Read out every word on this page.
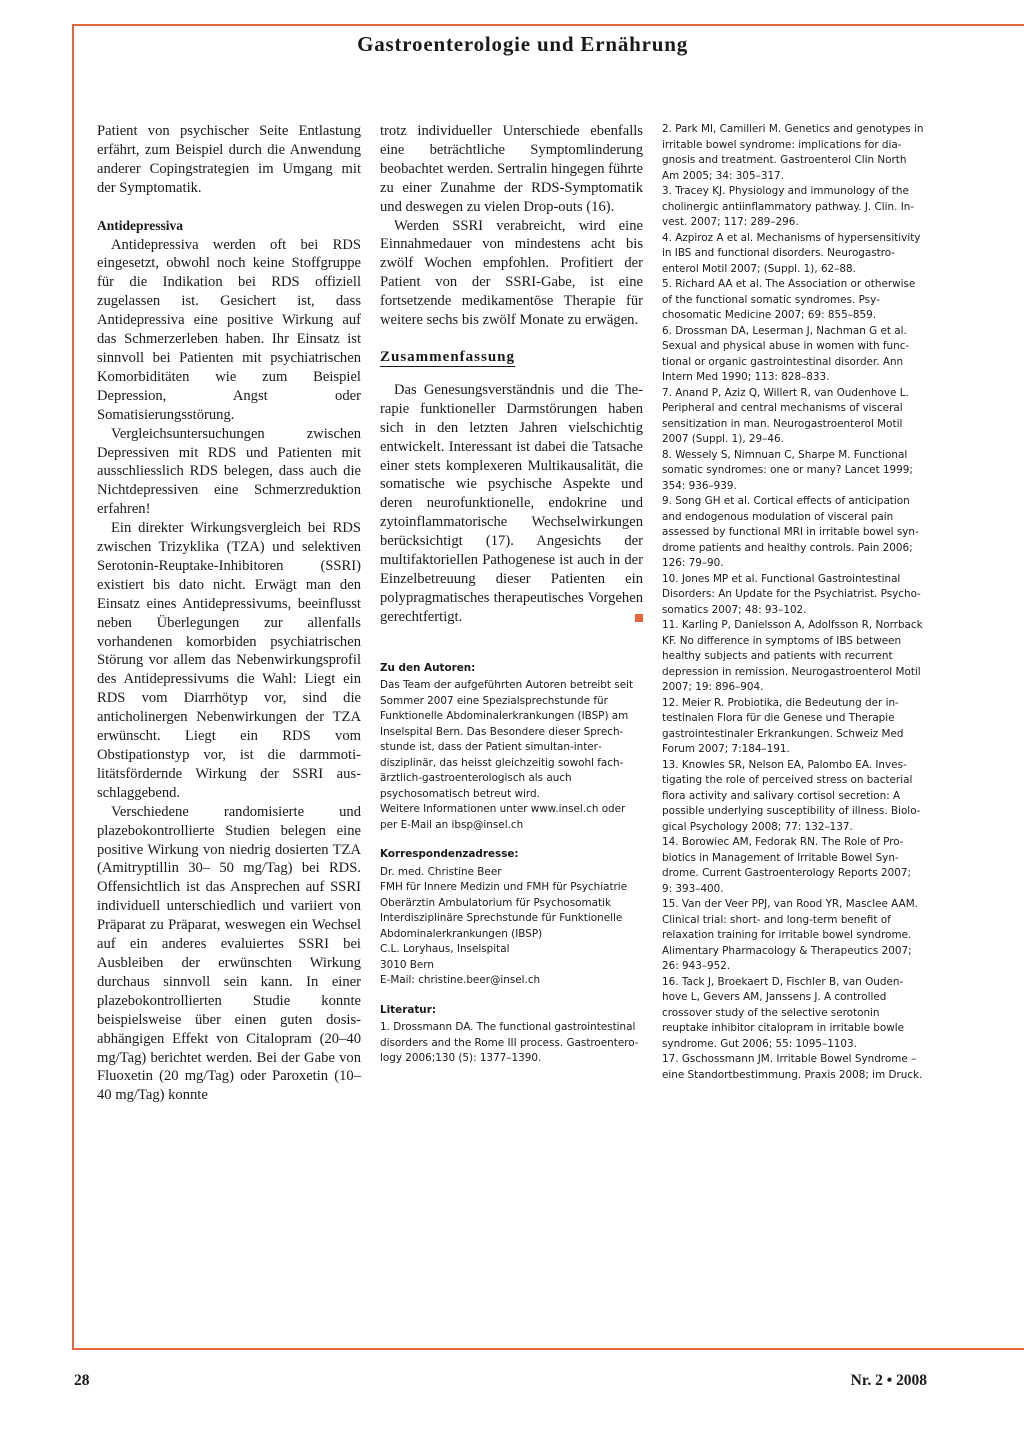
Gastroenterologie und Ernährung

Patient von psychischer Seite Entlastung erfährt, zum Beispiel durch die Anwendung anderer Copingstrategien im Umgang mit der Symptomatik.

Antidepressiva

Antidepressiva werden oft bei RDS eingesetzt, obwohl noch keine Stoffgruppe für die Indikation bei RDS offiziell zugelassen ist. Gesichert ist, dass Antidepressiva eine positive Wirkung auf das Schmerzerleben haben. Ihr Einsatz ist sinnvoll bei Patienten mit psychiatrischen Komorbiditäten wie zum Beispiel Depression, Angst oder Somatisierungsstörung.

Vergleichsuntersuchungen zwischen Depressiven mit RDS und Patienten mit ausschliesslich RDS belegen, dass auch die Nichtdepressiven eine Schmerzreduktion erfahren!

Ein direkter Wirkungsvergleich bei RDS zwischen Trizyklika (TZA) und selektiven Serotonin-Reuptake-Inhibitoren (SSRI) existiert bis dato nicht. Erwägt man den Einsatz eines Antidepressivums, beeinflusst neben Überlegungen zur allenfalls vorhandenen komorbiden psychiatrischen Störung vor allem das Nebenwirkungsprofil des Antidepressivums die Wahl: Liegt ein RDS vom Diarrhötyp vor, sind die anticholinergen Nebenwirkungen der TZA erwünscht. Liegt ein RDS vom Obstipationstyp vor, ist die darmmotilitätsfördernde Wirkung der SSRI ausschlaggebend.

Verschiedene randomisierte und plazebokontrollierte Studien belegen eine positive Wirkung von niedrig dosierten TZA (Amitryptillin 30– 50 mg/Tag) bei RDS. Offensichtlich ist das Ansprechen auf SSRI individuell unterschiedlich und variiert von Präparat zu Präparat, weswegen ein Wechsel auf ein anderes evaluiertes SSRI bei Ausbleiben der erwünschten Wirkung durchaus sinnvoll sein kann. In einer plazebokontrollierten Studie konnte beispielsweise über einen guten dosisabhängigen Effekt von Citalopram (20–40 mg/Tag) berichtet werden. Bei der Gabe von Fluoxetin (20 mg/Tag) oder Paroxetin (10–40 mg/Tag) konnte

trotz individueller Unterschiede ebenfalls eine beträchtliche Symptomlinderung beobachtet werden. Sertralin hingegen führte zu einer Zunahme der RDS-Symptomatik und deswegen zu vielen Drop-outs (16).

Werden SSRI verabreicht, wird eine Einnahmedauer von mindestens acht bis zwölf Wochen empfohlen. Profitiert der Patient von der SSRI-Gabe, ist eine fortsetzende medikamentöse Therapie für weitere sechs bis zwölf Monate zu erwägen.

Zusammenfassung

Das Genesungsverständnis und die Therapie funktioneller Darmstörungen haben sich in den letzten Jahren vielschichtig entwickelt. Interessant ist dabei die Tatsache einer stets komplexeren Multikausalität, die somatische wie psychische Aspekte und deren neurofunktionelle, endokrine und zytoinflammatorische Wechselwirkungen berücksichtigt (17). Angesichts der multifaktoriellen Pathogenese ist auch in der Einzelbetreuung dieser Patienten ein polypragmatisches therapeutisches Vorgehen gerechtfertigt.

Zu den Autoren:

Das Team der aufgeführten Autoren betreibt seit Sommer 2007 eine Spezialsprechstunde für Funktionelle Abdominalerkrankungen (IBSP) am Inselspital Bern. Das Besondere dieser Sprechstunde ist, dass der Patient simultan-interdisziplinär, das heisst gleichzeitig sowohl fachärztlich-gastroenterologisch als auch psychosomatisch betreut wird.

Weitere Informationen unter www.insel.ch oder per E-Mail an ibsp@insel.ch

Korrespondenzadresse:

Dr. med. Christine Beer

FMH für Innere Medizin und FMH für Psychiatrie

Oberärztin Ambulatorium für Psychosomatik

Interdisziplinäre Sprechstunde für Funktionelle Abdominalerkrankungen (IBSP)

C.L. Loryhaus, Inselspital

3010 Bern

E-Mail: christine.beer@insel.ch

Literatur:

1. Drossmann DA. The functional gastrointestinal disorders and the Rome III process. Gastroenterology 2006;130 (5): 1377–1390.

2. Park MI, Camilleri M. Genetics and genotypes in irritable bowel syndrome: implications for diagnosis and treatment. Gastroenterol Clin North Am 2005; 34: 305–317.

3. Tracey KJ. Physiology and immunology of the cholinergic antiinflammatory pathway. J. Clin. Invest. 2007; 117: 289–296.

4. Azpiroz A et al. Mechanisms of hypersensitivity in IBS and functional disorders. Neurogastroenterol Motil 2007; (Suppl. 1), 62–88.

5. Richard AA et al. The Association or otherwise of the functional somatic syndromes. Psychosomatic Medicine 2007; 69: 855–859.

6. Drossman DA, Leserman J, Nachman G et al. Sexual and physical abuse in women with functional or organic gastrointestinal disorder. Ann Intern Med 1990; 113: 828–833.

7. Anand P, Aziz Q, Willert R, van Oudenhove L. Peripheral and central mechanisms of visceral sensitization in man. Neurogastroenterol Motil 2007 (Suppl. 1), 29–46.

8. Wessely S, Nimnuan C, Sharpe M. Functional somatic syndromes: one or many? Lancet 1999; 354: 936–939.

9. Song GH et al. Cortical effects of anticipation and endogenous modulation of visceral pain assessed by functional MRI in irritable bowel syndrome patients and healthy controls. Pain 2006; 126: 79–90.

10. Jones MP et al. Functional Gastrointestinal Disorders: An Update for the Psychiatrist. Psychosomatics 2007; 48: 93–102.

11. Karling P, Danielsson A, Adolfsson R, Norrback KF. No difference in symptoms of IBS between healthy subjects and patients with recurrent depression in remission. Neurogastroenterol Motil 2007; 19: 896–904.

12. Meier R. Probiotika, die Bedeutung der intestinalen Flora für die Genese und Therapie gastrointestinaler Erkrankungen. Schweiz Med Forum 2007; 7:184–191.

13. Knowles SR, Nelson EA, Palombo EA. Investigating the role of perceived stress on bacterial flora activity and salivary cortisol secretion: A possible underlying susceptibility of illness. Biological Psychology 2008; 77: 132–137.

14. Borowiec AM, Fedorak RN. The Role of Probiotics in Management of Irritable Bowel Syndrome. Current Gastroenterology Reports 2007; 9: 393–400.

15. Van der Veer PPJ, van Rood YR, Masclee AAM. Clinical trial: short- and long-term benefit of relaxation training for irritable bowel syndrome. Alimentary Pharmacology & Therapeutics 2007; 26: 943–952.

16. Tack J, Broekaert D, Fischler B, van Oudenhove L, Gevers AM, Janssens J. A controlled crossover study of the selective serotonin reuptake inhibitor citalopram in irritable bowle syndrome. Gut 2006; 55: 1095–1103.

17. Gschossmann JM. Irritable Bowel Syndrome – eine Standortbestimmung. Praxis 2008; im Druck.

28	Nr. 2 • 2008
